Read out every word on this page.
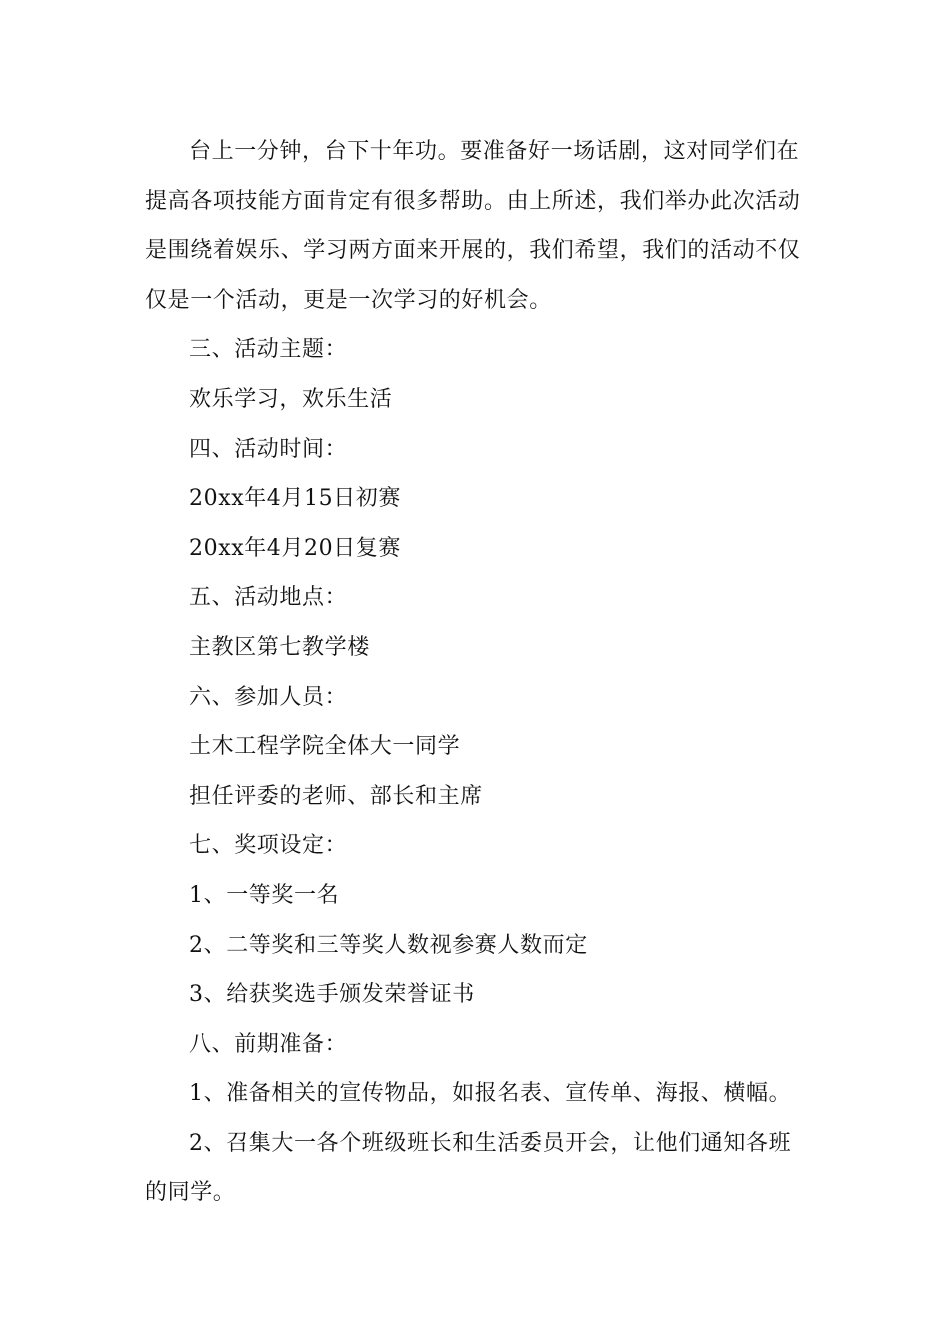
台上一分钟，台下十年功。要准备好一场话剧，这对同学们在提高各项技能方面肯定有很多帮助。由上所述，我们举办此次活动是围绕着娱乐、学习两方面来开展的，我们希望，我们的活动不仅仅是一个活动，更是一次学习的好机会。

三、活动主题：

欢乐学习，欢乐生活

四、活动时间：

20xx年4月15日初赛

20xx年4月20日复赛

五、活动地点：

主教区第七教学楼

六、参加人员：

土木工程学院全体大一同学

担任评委的老师、部长和主席

七、奖项设定：

1、一等奖一名

2、二等奖和三等奖人数视参赛人数而定

3、给获奖选手颁发荣誉证书

八、前期准备：

1、准备相关的宣传物品，如报名表、宣传单、海报、横幅。

2、召集大一各个班级班长和生活委员开会，让他们通知各班的同学。
